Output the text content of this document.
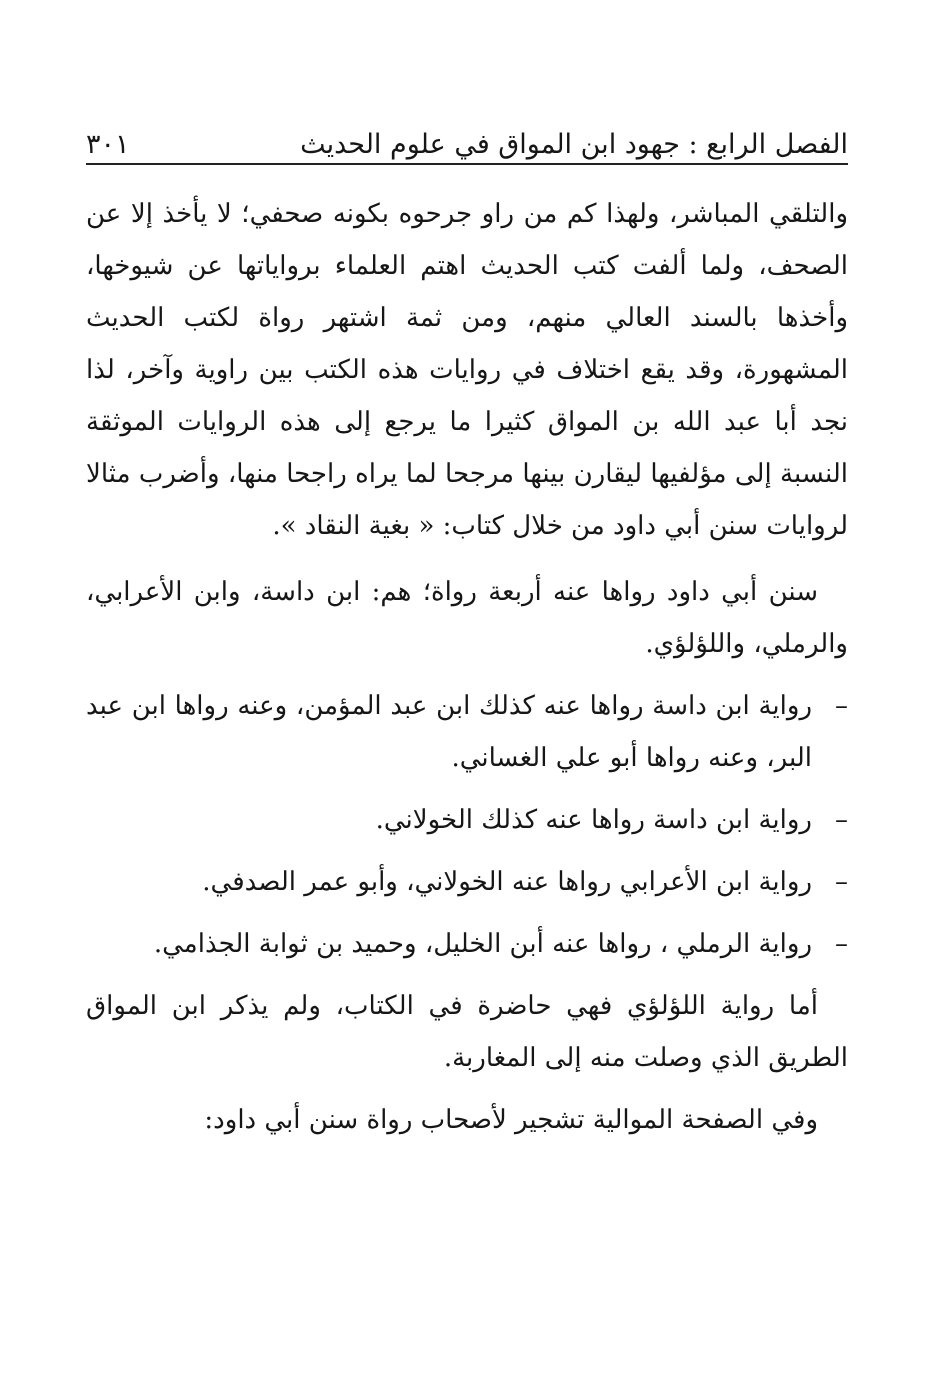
الفصل الرابع : جهود ابن المواق في علوم الحديث
٣٠١

والتلقي المباشر، ولهذا كم من راو جرحوه بكونه صحفي؛ لا يأخذ إلا عن الصحف، ولما ألفت كتب الحديث اهتم العلماء برواياتها عن شيوخها، وأخذها بالسند العالي منهم، ومن ثمة اشتهر رواة لكتب الحديث المشهورة، وقد يقع اختلاف في روايات هذه الكتب بين راوية وآخر، لذا نجد أبا عبد الله بن المواق كثيرا ما يرجع إلى هذه الروايات الموثقة النسبة إلى مؤلفيها ليقارن بينها مرجحا لما يراه راجحا منها، وأضرب مثالا لروايات سنن أبي داود من خلال كتاب: « بغية النقاد ».

سنن أبي داود رواها عنه أربعة رواة؛ هم: ابن داسة، وابن الأعرابي، والرملي، واللؤلؤي.

–
رواية ابن داسة رواها عنه كذلك ابن عبد المؤمن، وعنه رواها ابن عبد البر، وعنه رواها أبو علي الغساني.
–
رواية ابن داسة رواها عنه كذلك الخولاني.
–
رواية ابن الأعرابي رواها عنه الخولاني، وأبو عمر الصدفي.
–
رواية الرملي ، رواها عنه أبن الخليل، وحميد بن ثوابة الجذامي.

أما رواية اللؤلؤي فهي حاضرة في الكتاب، ولم يذكر ابن المواق الطريق الذي وصلت منه إلى المغاربة.

وفي الصفحة الموالية تشجير لأصحاب رواة سنن أبي داود:
